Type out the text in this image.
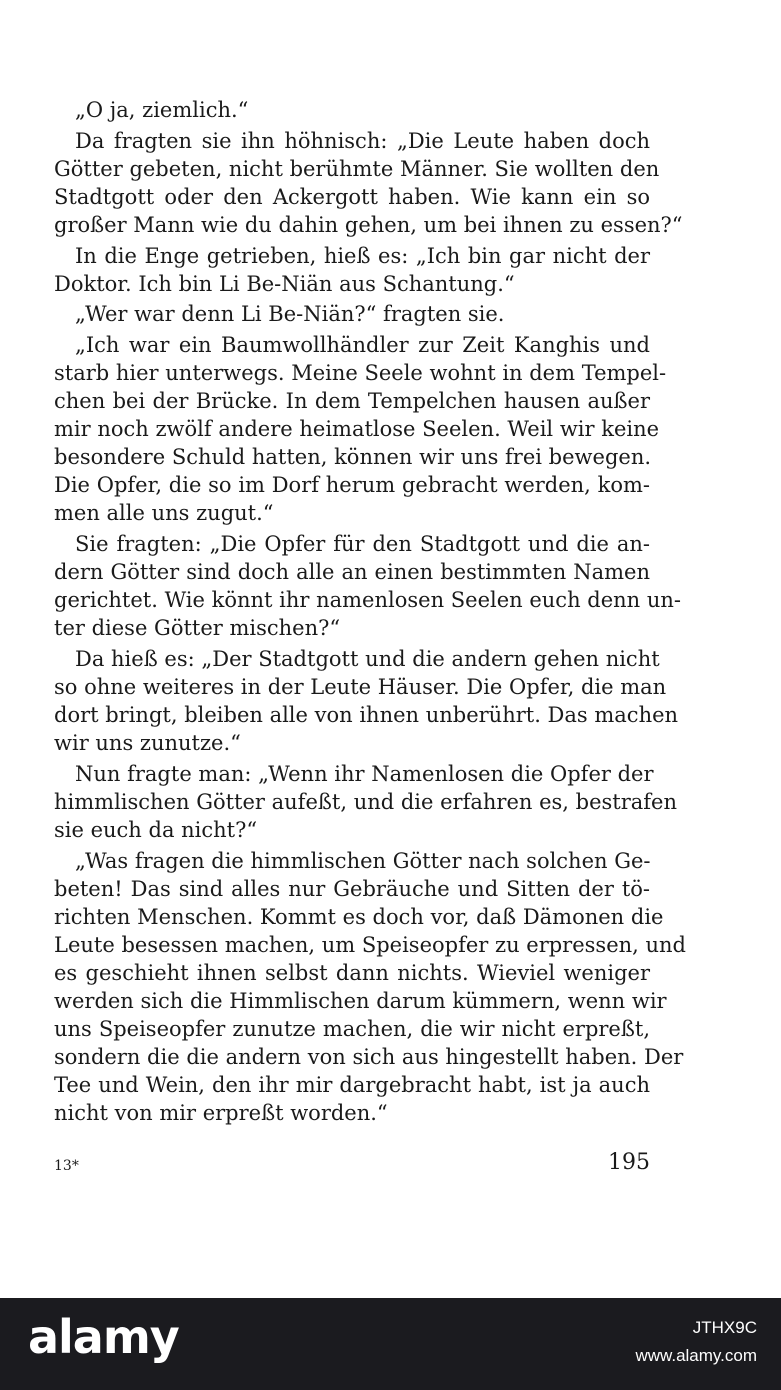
„O ja, ziemlich.“

Da fragten sie ihn höhnisch: „Die Leute haben doch

Götter gebeten, nicht berühmte Männer. Sie wollten den

Stadtgott oder den Ackergott haben. Wie kann ein so

großer Mann wie du dahin gehen, um bei ihnen zu essen?“

In die Enge getrieben, hieß es: „Ich bin gar nicht der

Doktor. Ich bin Li Be-Niän aus Schantung.“

„Wer war denn Li Be-Niän?“ fragten sie.

„Ich war ein Baumwollhändler zur Zeit Kanghis und

starb hier unterwegs. Meine Seele wohnt in dem Tempel-

chen bei der Brücke. In dem Tempelchen hausen außer

mir noch zwölf andere heimatlose Seelen. Weil wir keine

besondere Schuld hatten, können wir uns frei bewegen.

Die Opfer, die so im Dorf herum gebracht werden, kom-

men alle uns zugut.“

Sie fragten: „Die Opfer für den Stadtgott und die an-

dern Götter sind doch alle an einen bestimmten Namen

gerichtet. Wie könnt ihr namenlosen Seelen euch denn un-

ter diese Götter mischen?“

Da hieß es: „Der Stadtgott und die andern gehen nicht

so ohne weiteres in der Leute Häuser. Die Opfer, die man

dort bringt, bleiben alle von ihnen unberührt. Das machen

wir uns zunutze.“

Nun fragte man: „Wenn ihr Namenlosen die Opfer der

himmlischen Götter aufeßt, und die erfahren es, bestrafen

sie euch da nicht?“

„Was fragen die himmlischen Götter nach solchen Ge-

beten! Das sind alles nur Gebräuche und Sitten der tö-

richten Menschen. Kommt es doch vor, daß Dämonen die

Leute besessen machen, um Speiseopfer zu erpressen, und

es geschieht ihnen selbst dann nichts. Wieviel weniger

werden sich die Himmlischen darum kümmern, wenn wir

uns Speiseopfer zunutze machen, die wir nicht erpreßt,

sondern die die andern von sich aus hingestellt haben. Der

Tee und Wein, den ihr mir dargebracht habt, ist ja auch

nicht von mir erpreßt worden.“

13*	195
alamy	JTHX9C
www.alamy.com
